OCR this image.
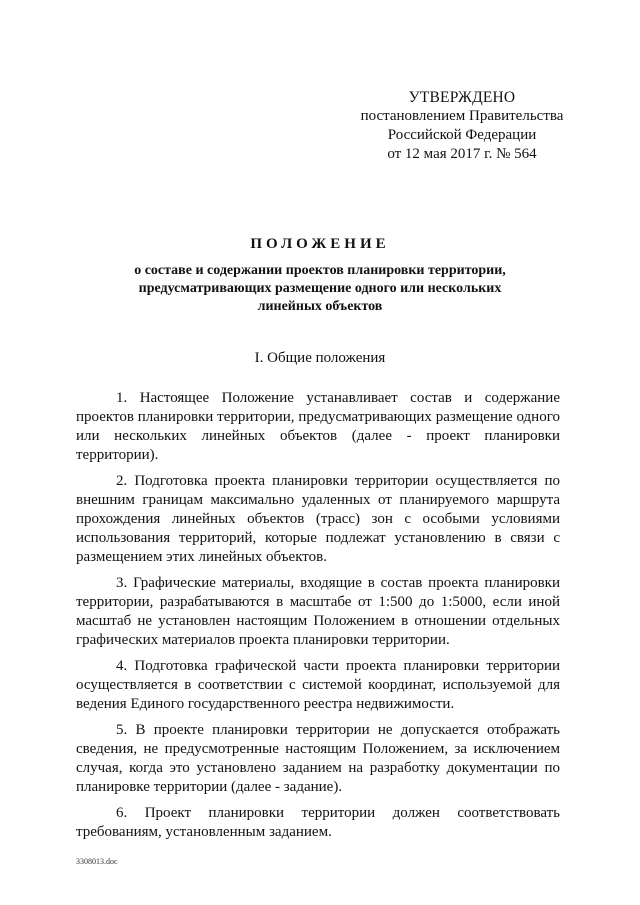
УТВЕРЖДЕНО
постановлением Правительства
Российской Федерации
от 12 мая 2017 г. № 564
ПОЛОЖЕНИЕ
о составе и содержании проектов планировки территории,
предусматривающих размещение одного или нескольких
линейных объектов
I. Общие положения

1. Настоящее Положение устанавливает состав и содержание проектов планировки территории, предусматривающих размещение одного или нескольких линейных объектов (далее - проект планировки территории).

2. Подготовка проекта планировки территории осуществляется по внешним границам максимально удаленных от планируемого маршрута прохождения линейных объектов (трасс) зон с особыми условиями использования территорий, которые подлежат установлению в связи с размещением этих линейных объектов.

3. Графические материалы, входящие в состав проекта планировки территории, разрабатываются в масштабе от 1:500 до 1:5000, если иной масштаб не установлен настоящим Положением в отношении отдельных графических материалов проекта планировки территории.

4. Подготовка графической части проекта планировки территории осуществляется в соответствии с системой координат, используемой для ведения Единого государственного реестра недвижимости.

5. В проекте планировки территории не допускается отображать сведения, не предусмотренные настоящим Положением, за исключением случая, когда это установлено заданием на разработку документации по планировке территории (далее - задание).

6. Проект планировки территории должен соответствовать требованиям, установленным заданием.

3308013.doc
